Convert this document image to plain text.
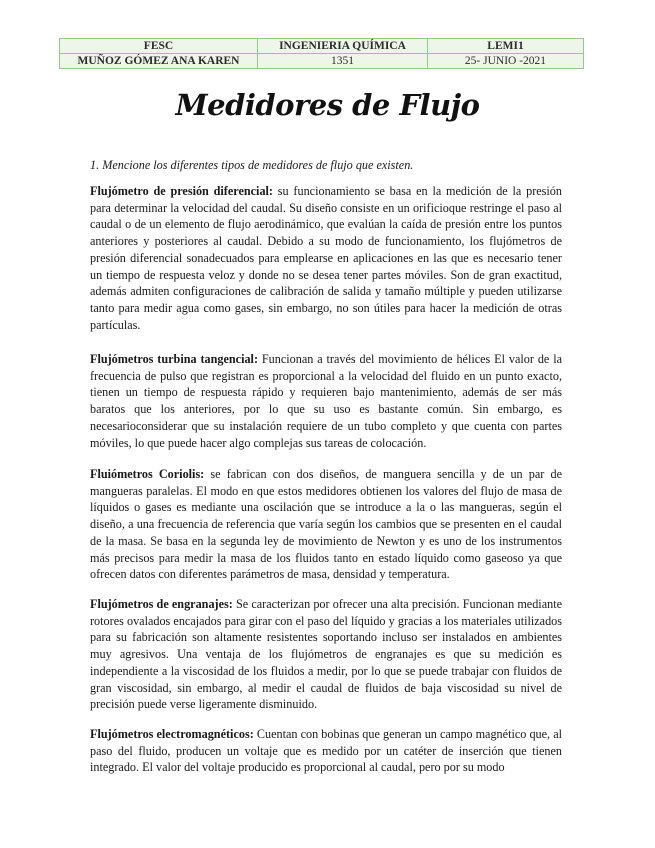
FESC	INGENIERIA QUÍMICA	LEMI1
MUÑOZ GÓMEZ ANA KAREN	1351	25- JUNIO -2021
Medidores de Flujo
1. Mencione los diferentes tipos de medidores de flujo que existen.

Flujómetro de presión diferencial: su funcionamiento se basa en la medición de la presión para determinar la velocidad del caudal. Su diseño consiste en un orificioque restringe el paso al caudal o de un elemento de flujo aerodinámico, que evalúan la caída de presión entre los puntos anteriores y posteriores al caudal. Debido a su modo de funcionamiento, los flujómetros de presión diferencial sonadecuados para emplearse en aplicaciones en las que es necesario tener un tiempo de respuesta veloz y donde no se desea tener partes móviles. Son de gran exactitud, además admiten configuraciones de calibración de salida y tamaño múltiple y pueden utilizarse tanto para medir agua como gases, sin embargo, no son útiles para hacer la medición de otras partículas.

Flujómetros turbina tangencial: Funcionan a través del movimiento de hélices El valor de la frecuencia de pulso que registran es proporcional a la velocidad del fluido en un punto exacto, tienen un tiempo de respuesta rápido y requieren bajo mantenimiento, además de ser más baratos que los anteriores, por lo que su uso es bastante común. Sin embargo, es necesarioconsiderar que su instalación requiere de un tubo completo y que cuenta con partes móviles, lo que puede hacer algo complejas sus tareas de colocación.

Fluiómetros Coriolis: se fabrican con dos diseños, de manguera sencilla y de un par de mangueras paralelas. El modo en que estos medidores obtienen los valores del flujo de masa de líquidos o gases es mediante una oscilación que se introduce a la o las mangueras, según el diseño, a una frecuencia de referencia que varía según los cambios que se presenten en el caudal de la masa. Se basa en la segunda ley de movimiento de Newton y es uno de los instrumentos más precisos para medir la masa de los fluidos tanto en estado líquido como gaseoso ya que ofrecen datos con diferentes parámetros de masa, densidad y temperatura.

Flujómetros de engranajes: Se caracterizan por ofrecer una alta precisión. Funcionan mediante rotores ovalados encajados para girar con el paso del líquido y gracias a los materiales utilizados para su fabricación son altamente resistentes soportando incluso ser instalados en ambientes muy agresivos. Una ventaja de los flujómetros de engranajes es que su medición es independiente a la viscosidad de los fluidos a medir, por lo que se puede trabajar con fluidos de gran viscosidad, sin embargo, al medir el caudal de fluidos de baja viscosidad su nivel de precisión puede verse ligeramente disminuido.

Flujómetros electromagnéticos: Cuentan con bobinas que generan un campo magnético que, al paso del fluido, producen un voltaje que es medido por un catéter de inserción que tienen integrado. El valor del voltaje producido es proporcional al caudal, pero por su modo
